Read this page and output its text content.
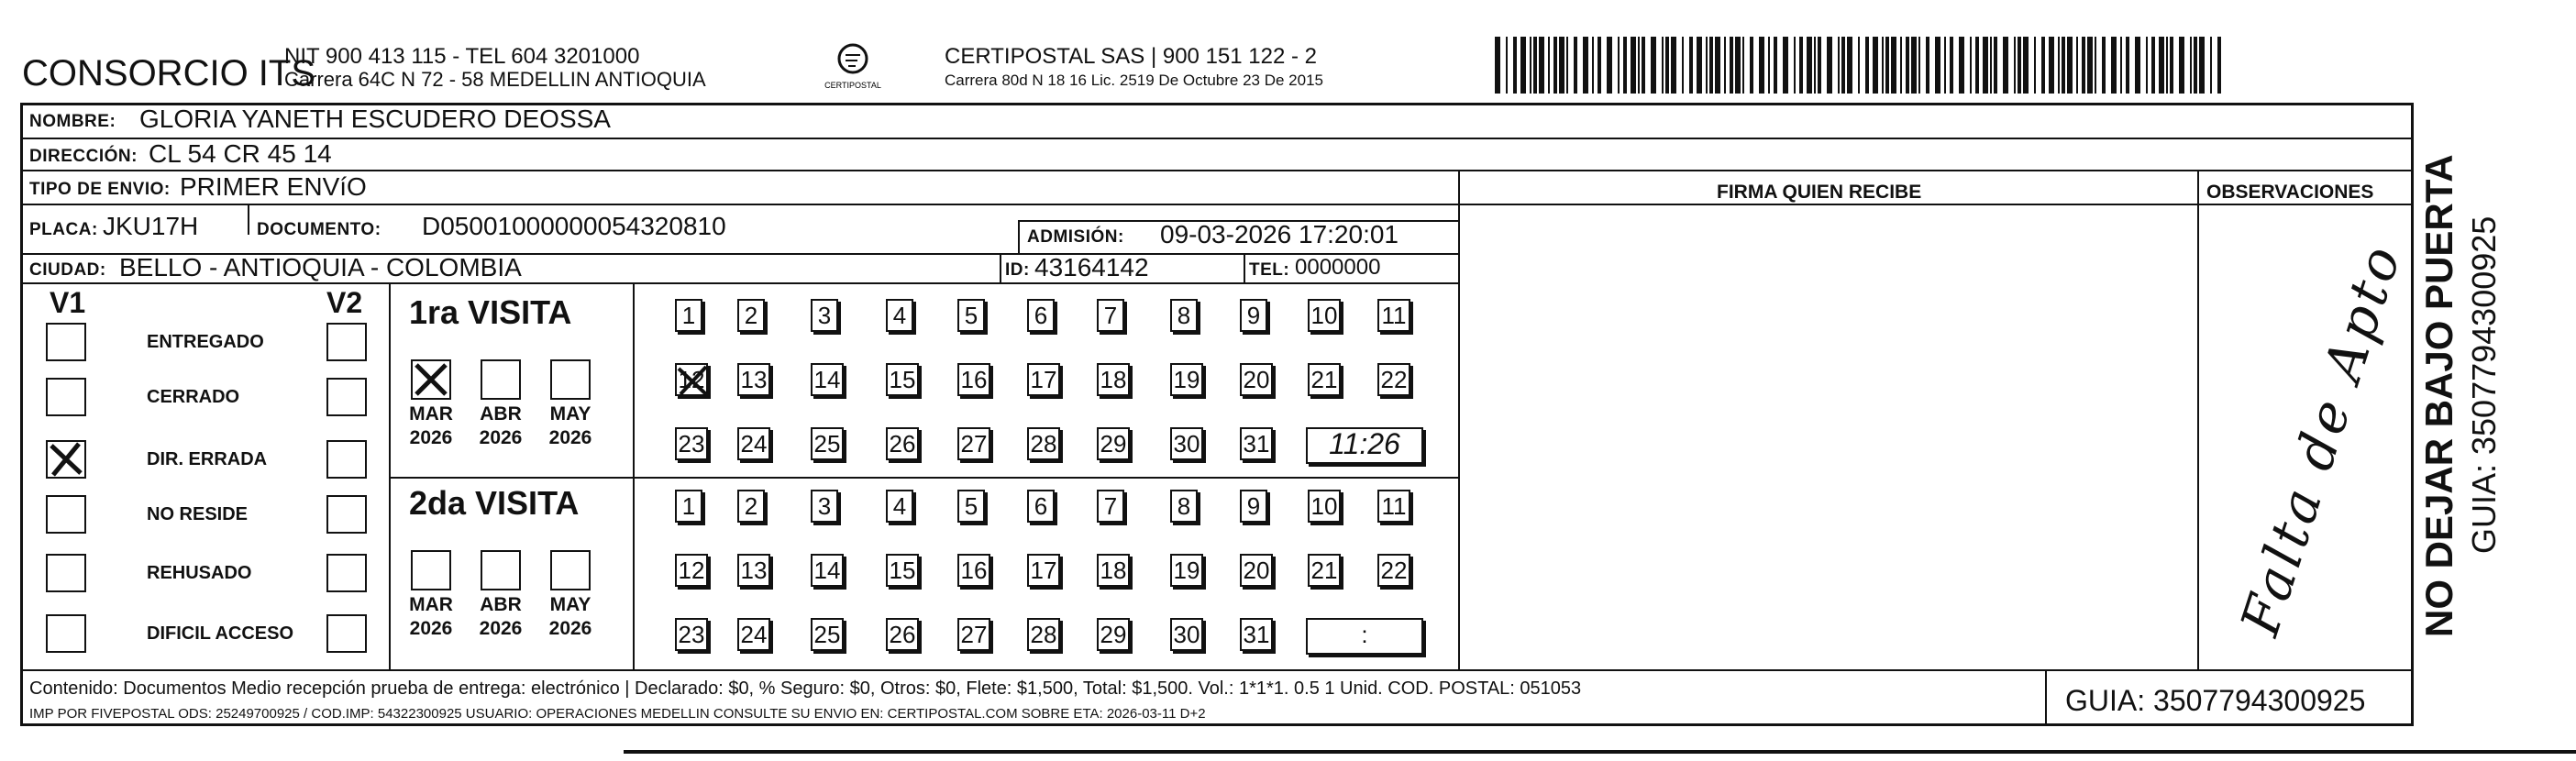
CONSORCIO ITS
NIT 900 413 115 - TEL 604 3201000
Carrera 64C N 72 - 58 MEDELLIN ANTIOQUIA	CERTIPOSTAL
CERTIPOSTAL SAS | 900 151 122 - 2
Carrera 80d N 18 16 Lic. 2519 De Octubre 23 De 2015
NOMBRE: GLORIA YANETH ESCUDERO DEOSSA
DIRECCIÓN: CL 54 CR 45 14
TIPO DE ENVIO: PRIMER ENVíO	FIRMA QUIEN RECIBE	OBSERVACIONES
PLACA: JKU17H	DOCUMENTO: D05001000000054320810	ADMISIÓN: 09-03-2026 17:20:01
CIUDAD: BELLO - ANTIOQUIA - COLOMBIA	ID: 43164142	TEL: 0000000
V1	V2
ENTREGADO
CERRADO
DIR. ERRADA
NO RESIDE
REHUSADO
DIFICIL ACCESO
1ra VISITA
MAR
2026
ABR
2026
MAY
2026
1 2	3	4 5 6 7	8 9 10 11
12 13 14 15 16 17 18 19 20 21 22
23 24 25 26 27 28 29 30 31	11:26
2da VISITA
MAR
2026
ABR
2026
MAY
2026
1 2	3	4 5 6 7	8 9 10 11
12 13 14 15 16 17 18 19 20 21 22
23 24 25 26 27 28 29 30 31	:	Falta de Apto
Contenido: Documentos Medio recepción prueba de entrega: electrónico | Declarado: $0, % Seguro: $0, Otros: $0, Flete: $1,500, Total: $1,500. Vol.: 1*1*1. 0.5 1 Unid. COD. POSTAL: 051053
IMP POR FIVEPOSTAL ODS: 25249700925 / COD.IMP: 54322300925 USUARIO: OPERACIONES MEDELLIN CONSULTE SU ENVIO EN: CERTIPOSTAL.COM SOBRE ETA: 2026-03-11 D+2	GUIA: 3507794300925
NO DEJAR BAJO PUERTA GUIA: 3507794300925
